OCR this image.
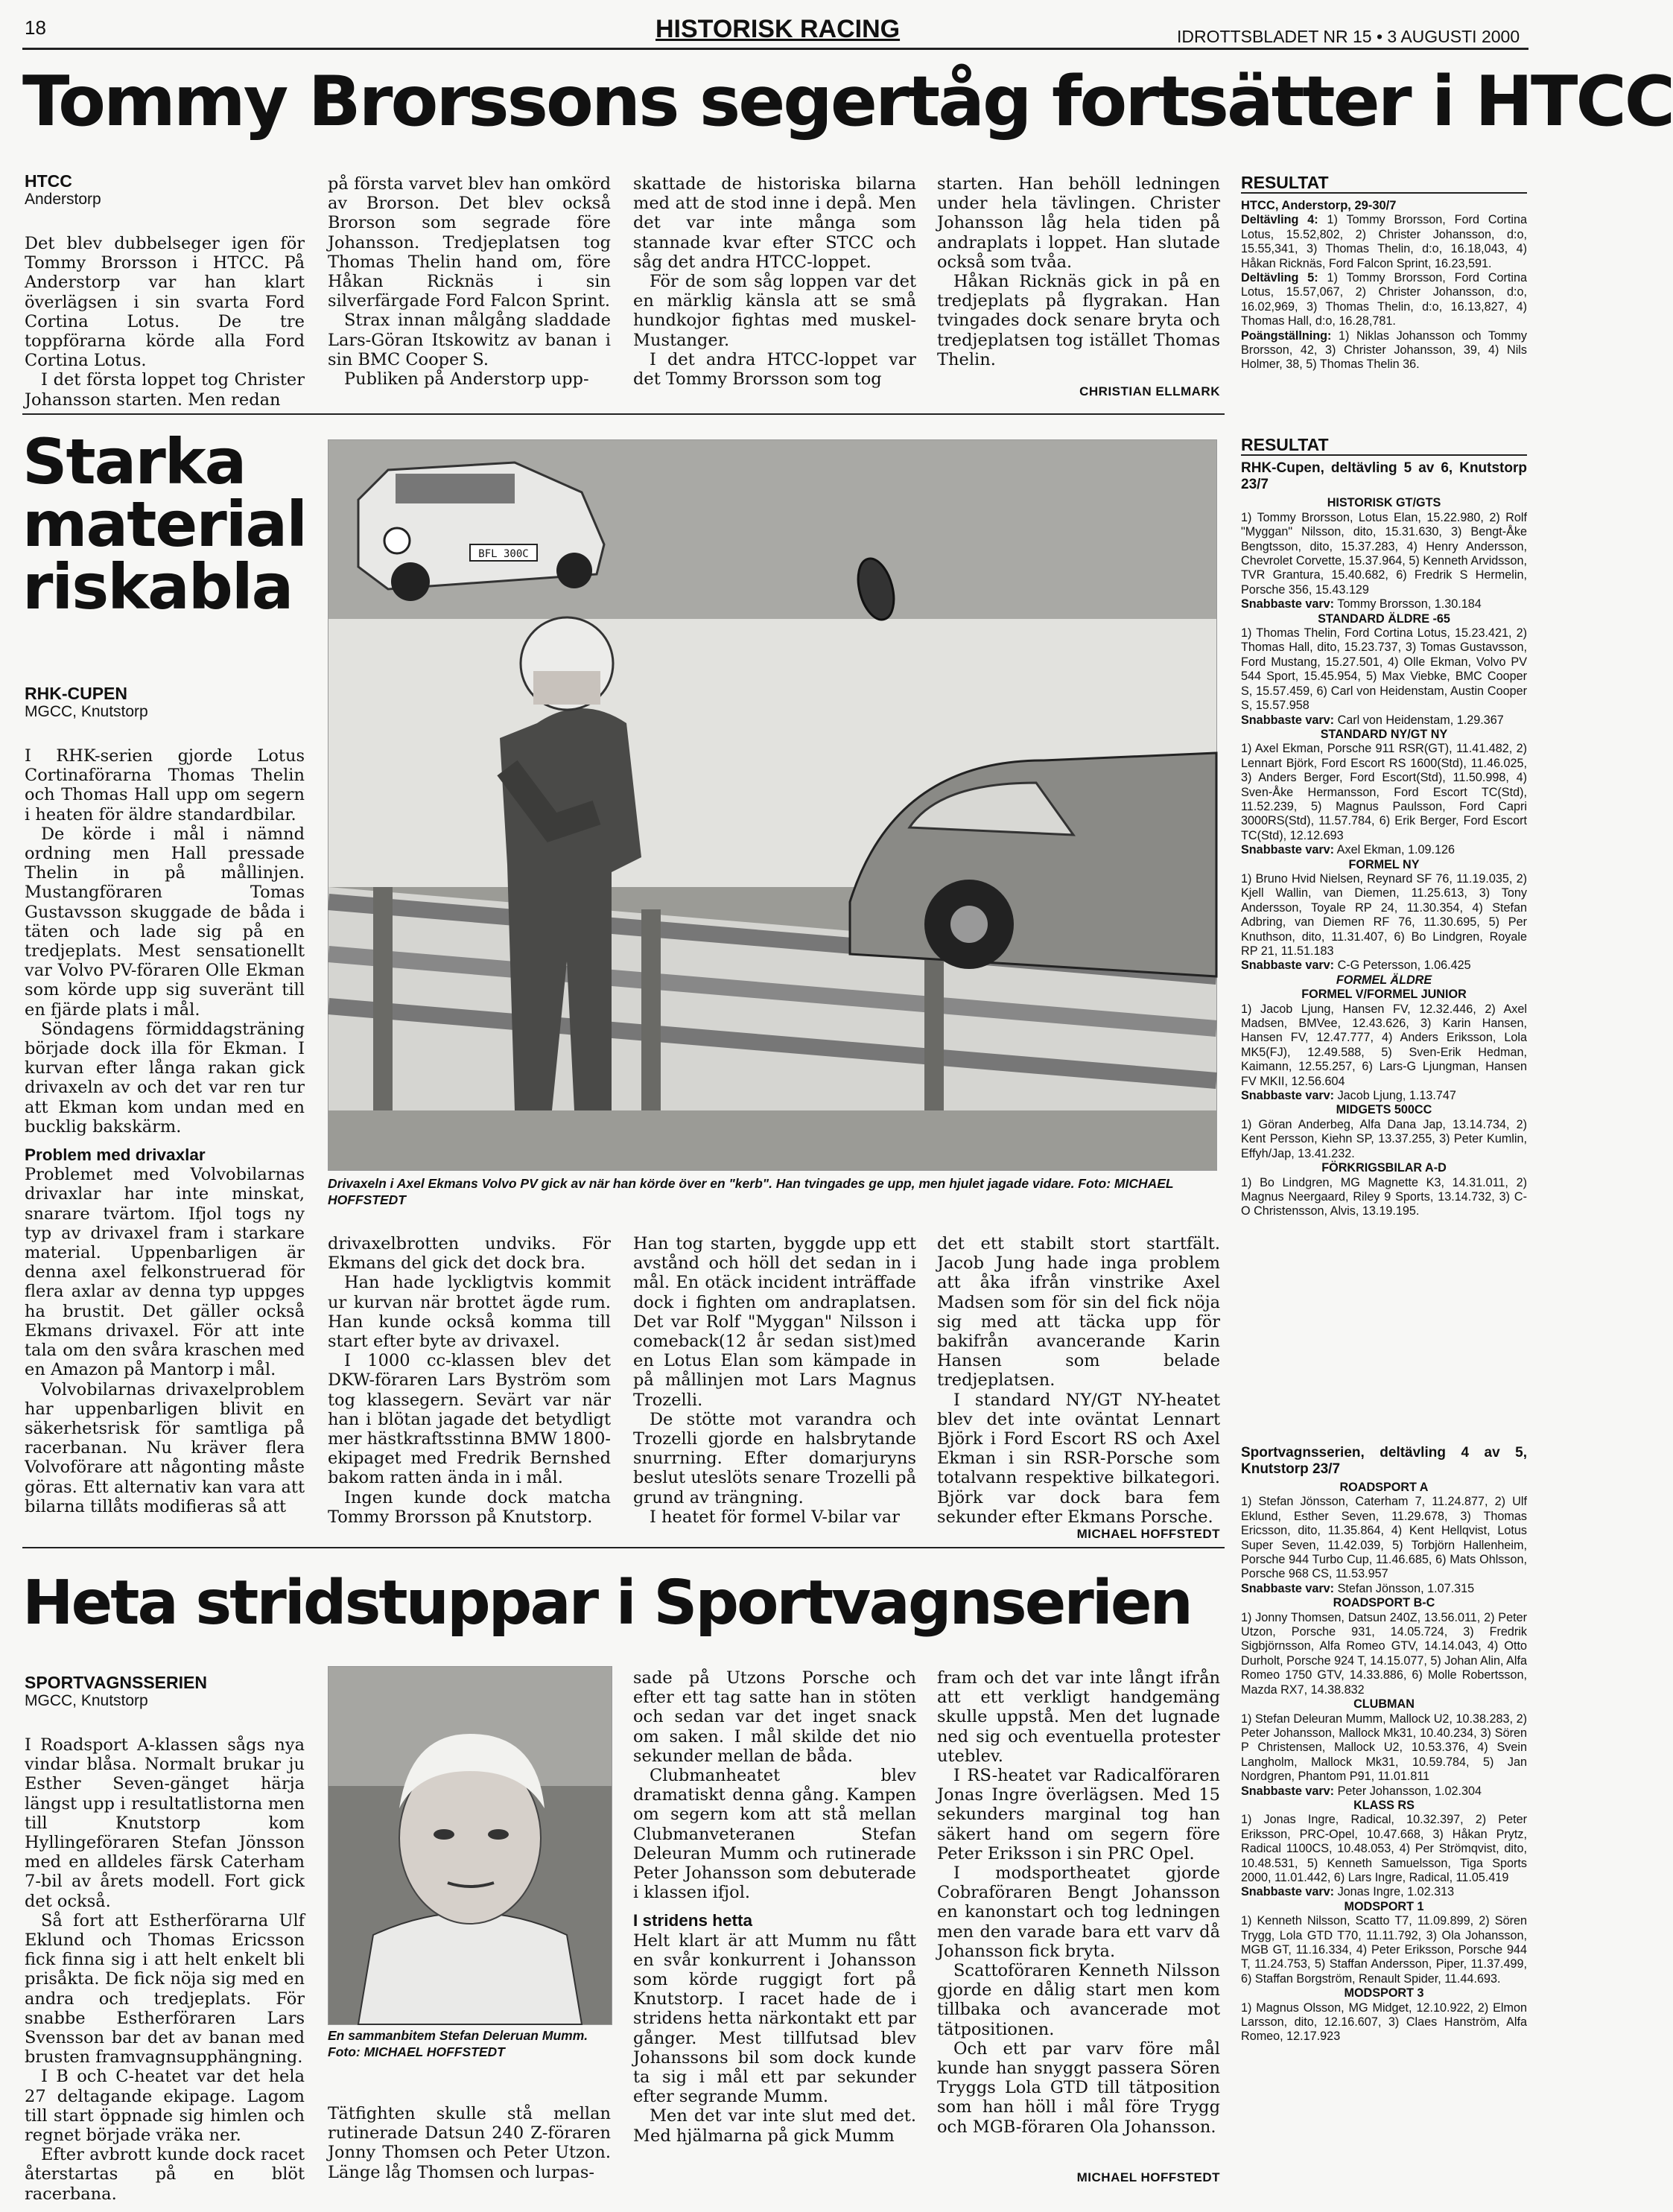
18	HISTORISK RACING	IDROTTSBLADET NR 15 • 3 AUGUSTI 2000
Tommy Brorssons segertåg fortsätter i HTCC
HTCC
Anderstorp

Det blev dubbelseger igen för Tommy Brorsson i HTCC. På Anderstorp var han klart överlägsen i sin svarta Ford Cortina Lotus. De tre toppförarna körde alla Ford Cortina Lotus.

I det första loppet tog Christer Johansson starten. Men redan

på första varvet blev han omkörd av Brorson. Det blev också Brorson som segrade före Johansson. Tredjeplatsen tog Thomas Thelin hand om, före Håkan Ricknäs i sin silverfärgade Ford Falcon Sprint.

Strax innan målgång sladdade Lars-Göran Itskowitz av banan i sin BMC Cooper S.

Publiken på Anderstorp upp-

skattade de historiska bilarna med att de stod inne i depå. Men det var inte många som stannade kvar efter STCC och såg det andra HTCC-loppet.

För de som såg loppen var det en märklig känsla att se små hundkojor fightas med muskel-Mustanger.

I det andra HTCC-loppet var det Tommy Brorsson som tog

starten. Han behöll ledningen under hela tävlingen. Christer Johansson låg hela tiden på andraplats i loppet. Han slutade också som tvåa.

Håkan Ricknäs gick in på en tredjeplats på flygrakan. Han tvingades dock senare bryta och tredjeplatsen tog istället Thomas Thelin.

CHRISTIAN ELLMARK
RESULTAT
HTCC, Anderstorp, 29-30/7

Deltävling 4: 1) Tommy Brorsson, Ford Cortina Lotus, 15.52,802, 2) Christer Johansson, d:o, 15.55,341, 3) Thomas Thelin, d:o, 16.18,043, 4) Håkan Ricknäs, Ford Falcon Sprint, 16.23,591.

Deltävling 5: 1) Tommy Brorsson, Ford Cortina Lotus, 15.57,067, 2) Christer Johansson, d:o, 16.02,969, 3) Thomas Thelin, d:o, 16.13,827, 4) Thomas Hall, d:o, 16.28,781.

Poängställning: 1) Niklas Johansson och Tommy Brorsson, 42, 3) Christer Johansson, 39, 4) Nils Holmer, 38, 5) Thomas Thelin 36.

Starka
material
riskabla
RHK-CUPEN
MGCC, Knutstorp

I RHK-serien gjorde Lotus Cortinaförarna Thomas Thelin och Thomas Hall upp om segern i heaten för äldre standardbilar.

De körde i mål i nämnd ordning men Hall pressade Thelin in på mållinjen. Mustangföraren Tomas Gustavsson skuggade de båda i täten och lade sig på en tredjeplats. Mest sensationellt var Volvo PV-föraren Olle Ekman som körde upp sig suveränt till en fjärde plats i mål.

Söndagens förmiddagsträning började dock illa för Ekman. I kurvan efter långa rakan gick drivaxeln av och det var ren tur att Ekman kom undan med en bucklig bakskärm.

Problem med drivaxlar

Problemet med Volvobilarnas drivaxlar har inte minskat, snarare tvärtom. Ifjol togs ny typ av drivaxel fram i starkare material. Uppenbarligen är denna axel felkonstruerad för flera axlar av denna typ uppges ha brustit. Det gäller också Ekmans drivaxel. För att inte tala om den svåra kraschen med en Amazon på Mantorp i mål.

Volvobilarnas drivaxelproblem har uppenbarligen blivit en säkerhetsrisk för samtliga på racerbanan. Nu kräver flera Volvoförare att någonting måste göras. Ett alternativ kan vara att bilarna tillåts modifieras så att

BFL 300C
Drivaxeln i Axel Ekmans Volvo PV gick av när han körde över en "kerb". Han tvingades ge upp, men hjulet jagade vidare. Foto: MICHAEL HOFFSTEDT

drivaxelbrotten undviks. För Ekmans del gick det dock bra.

Han hade lyckligtvis kommit ur kurvan när brottet ägde rum. Han kunde också komma till start efter byte av drivaxel.

I 1000 cc-klassen blev det DKW-föraren Lars Byström som tog klassegern. Sevärt var när han i blötan jagade det betydligt mer hästkraftsstinna BMW 1800-ekipaget med Fredrik Bernshed bakom ratten ända in i mål.

Ingen kunde dock matcha Tommy Brorsson på Knutstorp.

Han tog starten, byggde upp ett avstånd och höll det sedan in i mål. En otäck incident inträffade dock i fighten om andraplatsen. Det var Rolf "Myggan" Nilsson i comeback(12 år sedan sist)med en Lotus Elan som kämpade in på mållinjen mot Lars Magnus Trozelli.

De stötte mot varandra och Trozelli gjorde en halsbrytande snurrning. Efter domarjuryns beslut uteslöts senare Trozelli på grund av trängning.

I heatet för formel V-bilar var

det ett stabilt stort startfält. Jacob Jung hade inga problem att åka ifrån vinstrike Axel Madsen som för sin del fick nöja sig med att täcka upp för bakifrån avancerande Karin Hansen som belade tredjeplatsen.

I standard NY/GT NY-heatet blev det inte oväntat Lennart Björk i Ford Escort RS och Axel Ekman i sin RSR-Porsche som totalvann respektive bilkategori. Björk var dock bara fem sekunder efter Ekmans Porsche.

MICHAEL HOFFSTEDT
RESULTAT
RHK-Cupen, deltävling 5 av 6, Knutstorp 23/7
HISTORISK GT/GTS

1) Tommy Brorsson, Lotus Elan, 15.22.980, 2) Rolf "Myggan" Nilsson, dito, 15.31.630, 3) Bengt-Åke Bengtsson, dito, 15.37.283, 4) Henry Andersson, Chevrolet Corvette, 15.37.964, 5) Kenneth Arvidsson, TVR Grantura, 15.40.682, 6) Fredrik S Hermelin, Porsche 356, 15.43.129

Snabbaste varv: Tommy Brorsson, 1.30.184

STANDARD ÄLDRE -65

1) Thomas Thelin, Ford Cortina Lotus, 15.23.421, 2) Thomas Hall, dito, 15.23.737, 3) Tomas Gustavsson, Ford Mustang, 15.27.501, 4) Olle Ekman, Volvo PV 544 Sport, 15.45.954, 5) Max Viebke, BMC Cooper S, 15.57.459, 6) Carl von Heidenstam, Austin Cooper S, 15.57.958

Snabbaste varv: Carl von Heidenstam, 1.29.367

STANDARD NY/GT NY

1) Axel Ekman, Porsche 911 RSR(GT), 11.41.482, 2) Lennart Björk, Ford Escort RS 1600(Std), 11.46.025, 3) Anders Berger, Ford Escort(Std), 11.50.998, 4) Sven-Åke Hermansson, Ford Escort TC(Std), 11.52.239, 5) Magnus Paulsson, Ford Capri 3000RS(Std), 11.57.784, 6) Erik Berger, Ford Escort TC(Std), 12.12.693

Snabbaste varv: Axel Ekman, 1.09.126

FORMEL NY

1) Bruno Hvid Nielsen, Reynard SF 76, 11.19.035, 2) Kjell Wallin, van Diemen, 11.25.613, 3) Tony Andersson, Toyale RP 24, 11.30.354, 4) Stefan Adbring, van Diemen RF 76, 11.30.695, 5) Per Knuthson, dito, 11.31.407, 6) Bo Lindgren, Royale RP 21, 11.51.183

Snabbaste varv: C-G Petersson, 1.06.425

FORMEL ÄLDRE
FORMEL V/FORMEL JUNIOR

1) Jacob Ljung, Hansen FV, 12.32.446, 2) Axel Madsen, BMVee, 12.43.626, 3) Karin Hansen, Hansen FV, 12.47.777, 4) Anders Eriksson, Lola MK5(FJ), 12.49.588, 5) Sven-Erik Hedman, Kaimann, 12.55.257, 6) Lars-G Ljungman, Hansen FV MKII, 12.56.604

Snabbaste varv: Jacob Ljung, 1.13.747

MIDGETS 500CC

1) Göran Anderbeg, Alfa Dana Jap, 13.14.734, 2) Kent Persson, Kiehn SP, 13.37.255, 3) Peter Kumlin, Effyh/Jap, 13.41.232.

FÖRKRIGSBILAR A-D

1) Bo Lindgren, MG Magnette K3, 14.31.011, 2) Magnus Neergaard, Riley 9 Sports, 13.14.732, 3) C-O Christensson, Alvis, 13.19.195.

Sportvagnsserien, deltävling 4 av 5, Knutstorp 23/7
ROADSPORT A

1) Stefan Jönsson, Caterham 7, 11.24.877, 2) Ulf Eklund, Esther Seven, 11.29.678, 3) Thomas Ericsson, dito, 11.35.864, 4) Kent Hellqvist, Lotus Super Seven, 11.42.039, 5) Torbjörn Hallenheim, Porsche 944 Turbo Cup, 11.46.685, 6) Mats Ohlsson, Porsche 968 CS, 11.53.957

Snabbaste varv: Stefan Jönsson, 1.07.315

ROADSPORT B-C

1) Jonny Thomsen, Datsun 240Z, 13.56.011, 2) Peter Utzon, Porsche 931, 14.05.724, 3) Fredrik Sigbjörnsson, Alfa Romeo GTV, 14.14.043, 4) Otto Durholt, Porsche 924 T, 14.15.077, 5) Johan Alin, Alfa Romeo 1750 GTV, 14.33.886, 6) Molle Robertsson, Mazda RX7, 14.38.832

CLUBMAN

1) Stefan Deleuran Mumm, Mallock U2, 10.38.283, 2) Peter Johansson, Mallock Mk31, 10.40.234, 3) Sören P Christensen, Mallock U2, 10.53.376, 4) Svein Langholm, Mallock Mk31, 10.59.784, 5) Jan Nordgren, Phantom P91, 11.01.811

Snabbaste varv: Peter Johansson, 1.02.304

KLASS RS

1) Jonas Ingre, Radical, 10.32.397, 2) Peter Eriksson, PRC-Opel, 10.47.668, 3) Håkan Prytz, Radical 1100CS, 10.48.053, 4) Per Strömqvist, dito, 10.48.531, 5) Kenneth Samuelsson, Tiga Sports 2000, 11.01.442, 6) Lars Ingre, Radical, 11.05.419

Snabbaste varv: Jonas Ingre, 1.02.313

MODSPORT 1

1) Kenneth Nilsson, Scatto T7, 11.09.899, 2) Sören Trygg, Lola GTD T70, 11.11.792, 3) Ola Johansson, MGB GT, 11.16.334, 4) Peter Eriksson, Porsche 944 T, 11.24.753, 5) Staffan Andersson, Piper, 11.37.499, 6) Staffan Borgström, Renault Spider, 11.44.693.

MODSPORT 3

1) Magnus Olsson, MG Midget, 12.10.922, 2) Elmon Larsson, dito, 12.16.607, 3) Claes Hanström, Alfa Romeo, 12.17.923

Heta stridstuppar i Sportvagnserien
SPORTVAGNSSERIEN
MGCC, Knutstorp

I Roadsport A-klassen sågs nya vindar blåsa. Normalt brukar ju Esther Seven-gänget härja längst upp i resultatlistorna men till Knutstorp kom Hyllingeföraren Stefan Jönsson med en alldeles färsk Caterham 7-bil av årets modell. Fort gick det också.

Så fort att Estherförarna Ulf Eklund och Thomas Ericsson fick finna sig i att helt enkelt bli prisåkta. De fick nöja sig med en andra och tredjeplats. För snabbe Estherföraren Lars Svensson bar det av banan med brusten framvagnsupphängning.

I B och C-heatet var det hela 27 deltagande ekipage. Lagom till start öppnade sig himlen och regnet började vräka ner.

Efter avbrott kunde dock racet återstartas på en blöt racerbana.

En sammanbitem Stefan Deleruan Mumm. Foto: MICHAEL HOFFSTEDT

Tätfighten skulle stå mellan rutinerade Datsun 240 Z-föraren Jonny Thomsen och Peter Utzon. Länge låg Thomsen och lurpas-

sade på Utzons Porsche och efter ett tag satte han in stöten och sedan var det inget snack om saken. I mål skilde det nio sekunder mellan de båda.

Clubmanheatet blev dramatiskt denna gång. Kampen om segern kom att stå mellan Clubmanveteranen Stefan Deleuran Mumm och rutinerade Peter Johansson som debuterade i klassen ifjol.

I stridens hetta

Helt klart är att Mumm nu fått en svår konkurrent i Johansson som körde ruggigt fort på Knutstorp. I racet hade de i stridens hetta närkontakt ett par gånger. Mest tillfutsad blev Johanssons bil som dock kunde ta sig i mål ett par sekunder efter segrande Mumm.

Men det var inte slut med det. Med hjälmarna på gick Mumm

fram och det var inte långt ifrån att ett verkligt handgemäng skulle uppstå. Men det lugnade ned sig och eventuella protester uteblev.

I RS-heatet var Radicalföraren Jonas Ingre överlägsen. Med 15 sekunders marginal tog han säkert hand om segern före Peter Eriksson i sin PRC Opel.

I modsportheatet gjorde Cobraföraren Bengt Johansson en kanonstart och tog ledningen men den varade bara ett varv då Johansson fick bryta.

Scattoföraren Kenneth Nilsson gjorde en dålig start men kom tillbaka och avancerade mot tätpositionen.

Och ett par varv före mål kunde han snyggt passera Sören Tryggs Lola GTD till tätposition som han höll i mål före Trygg och MGB-föraren Ola Johansson.

MICHAEL HOFFSTEDT
